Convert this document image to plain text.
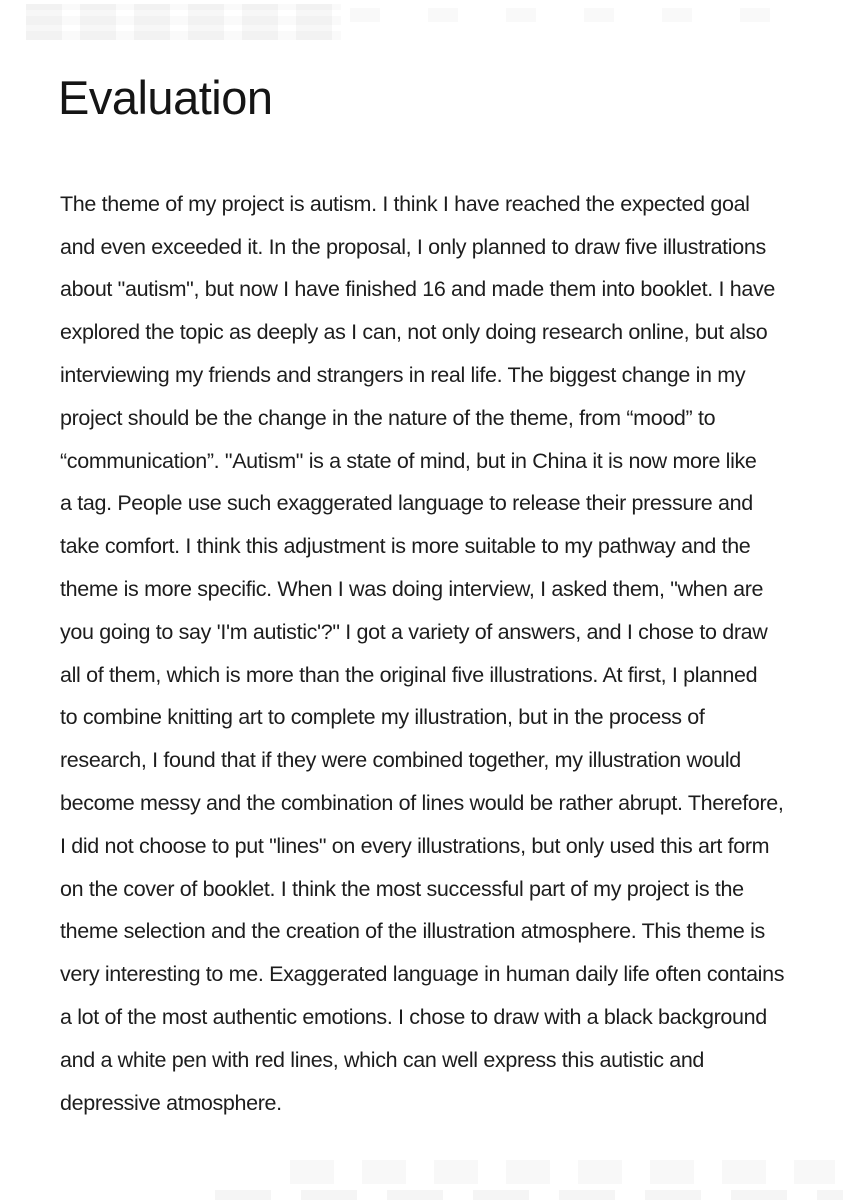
Evaluation
The theme of my project is autism. I think I have reached the expected goal
and even exceeded it. In the proposal, I only planned to draw five illustrations
about "autism", but now I have finished 16 and made them into booklet. I have
explored the topic as deeply as I can, not only doing research online, but also
interviewing my friends and strangers in real life. The biggest change in my
project should be the change in the nature of the theme, from “mood” to
“communication”. "Autism" is a state of mind, but in China it is now more like
a tag. People use such exaggerated language to release their pressure and
take comfort. I think this adjustment is more suitable to my pathway and the
theme is more specific. When I was doing interview, I asked them, "when are
you going to say 'I'm autistic'?" I got a variety of answers, and I chose to draw
all of them, which is more than the original five illustrations. At first, I planned
to combine knitting art to complete my illustration, but in the process of
research, I found that if they were combined together, my illustration would
become messy and the combination of lines would be rather abrupt. Therefore,
I did not choose to put "lines" on every illustrations, but only used this art form
on the cover of booklet. I think the most successful part of my project is the
theme selection and the creation of the illustration atmosphere. This theme is
very interesting to me. Exaggerated language in human daily life often contains
a lot of the most authentic emotions. I chose to draw with a black background
and a white pen with red lines, which can well express this autistic and
depressive atmosphere.
